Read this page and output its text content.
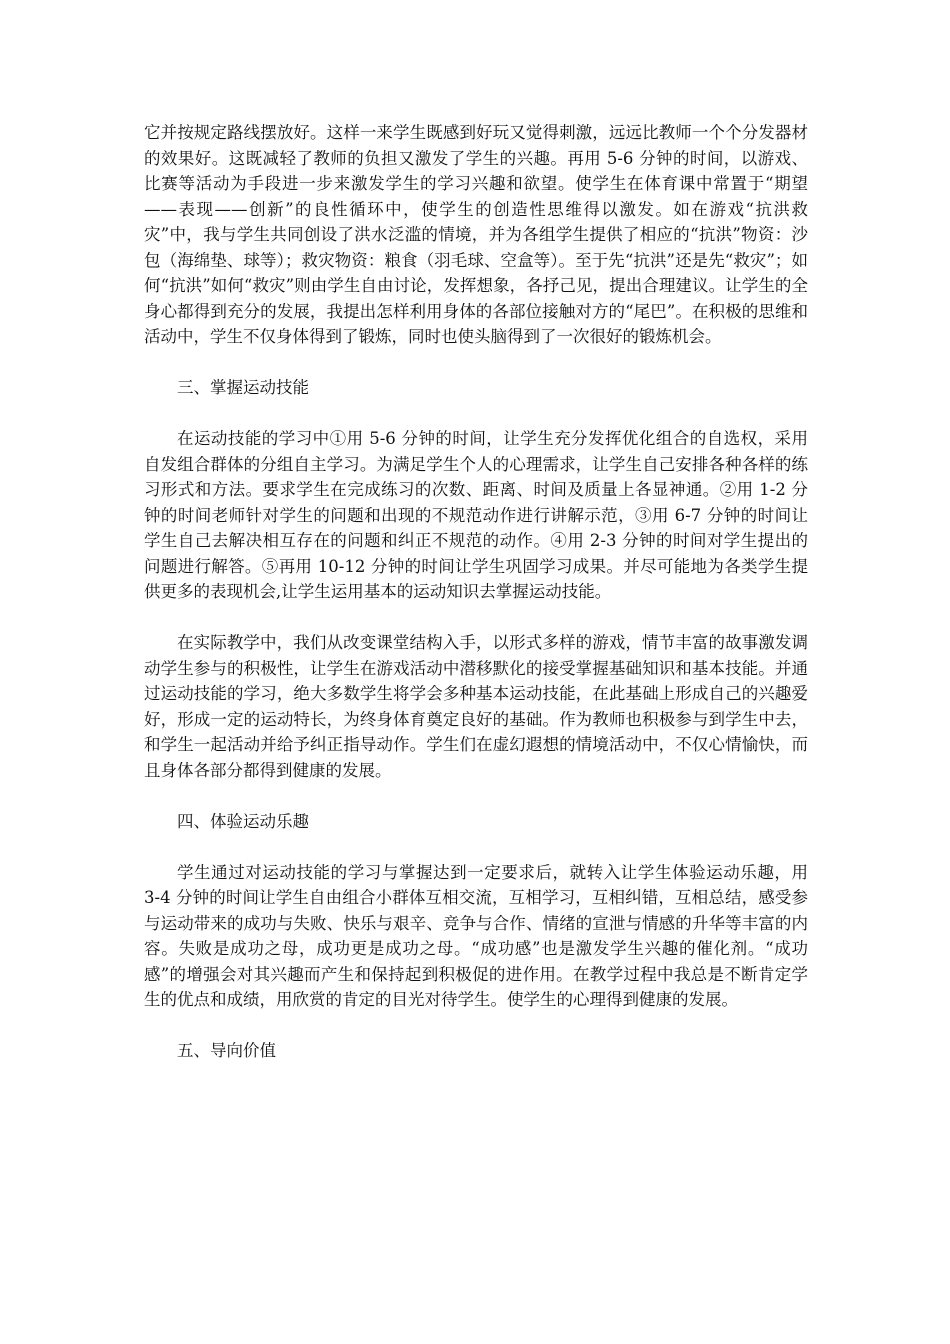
它并按规定路线摆放好。这样一来学生既感到好玩又觉得刺激，远远比教师一个个分发器材的效果好。这既减轻了教师的负担又激发了学生的兴趣。再用 5-6 分钟的时间，以游戏、比赛等活动为手段进一步来激发学生的学习兴趣和欲望。使学生在体育课中常置于“期望——表现——创新”的良性循环中，使学生的创造性思维得以激发。如在游戏“抗洪救灾”中，我与学生共同创设了洪水泛滥的情境，并为各组学生提供了相应的“抗洪”物资：沙包（海绵垫、球等）；救灾物资：粮食（羽毛球、空盒等）。至于先“抗洪”还是先“救灾”；如何“抗洪”如何“救灾”则由学生自由讨论，发挥想象，各抒己见，提出合理建议。让学生的全身心都得到充分的发展，我提出怎样利用身体的各部位接触对方的“尾巴”。在积极的思维和活动中，学生不仅身体得到了锻炼，同时也使头脑得到了一次很好的锻炼机会。

三、掌握运动技能

在运动技能的学习中①用 5-6 分钟的时间，让学生充分发挥优化组合的自选权，采用自发组合群体的分组自主学习。为满足学生个人的心理需求，让学生自己安排各种各样的练习形式和方法。要求学生在完成练习的次数、距离、时间及质量上各显神通。②用 1-2 分钟的时间老师针对学生的问题和出现的不规范动作进行讲解示范，③用 6-7 分钟的时间让学生自己去解决相互存在的问题和纠正不规范的动作。④用 2-3 分钟的时间对学生提出的问题进行解答。⑤再用 10-12 分钟的时间让学生巩固学习成果。并尽可能地为各类学生提供更多的表现机会,让学生运用基本的运动知识去掌握运动技能。

在实际教学中，我们从改变课堂结构入手，以形式多样的游戏，情节丰富的故事激发调动学生参与的积极性，让学生在游戏活动中潜移默化的接受掌握基础知识和基本技能。并通过运动技能的学习，绝大多数学生将学会多种基本运动技能，在此基础上形成自己的兴趣爱好，形成一定的运动特长，为终身体育奠定良好的基础。作为教师也积极参与到学生中去，和学生一起活动并给予纠正指导动作。学生们在虚幻遐想的情境活动中，不仅心情愉快，而且身体各部分都得到健康的发展。

四、体验运动乐趣

学生通过对运动技能的学习与掌握达到一定要求后，就转入让学生体验运动乐趣，用 3-4 分钟的时间让学生自由组合小群体互相交流，互相学习，互相纠错，互相总结，感受参与运动带来的成功与失败、快乐与艰辛、竞争与合作、情绪的宣泄与情感的升华等丰富的内容。失败是成功之母，成功更是成功之母。“成功感”也是激发学生兴趣的催化剂。“成功感”的增强会对其兴趣而产生和保持起到积极促的进作用。在教学过程中我总是不断肯定学生的优点和成绩，用欣赏的肯定的目光对待学生。使学生的心理得到健康的发展。

五、导向价值
